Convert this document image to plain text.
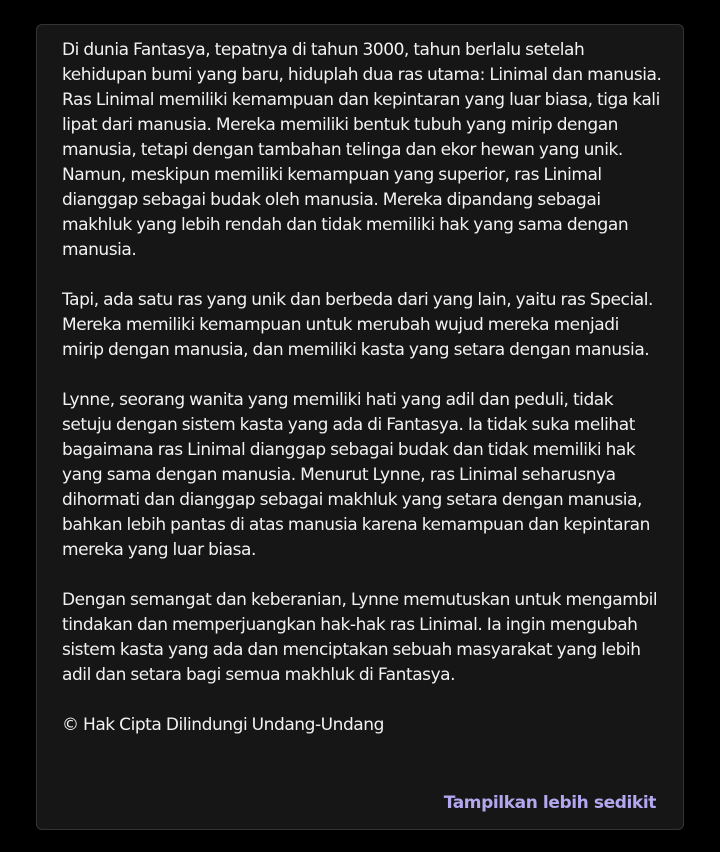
Di dunia Fantasya, tepatnya di tahun 3000, tahun berlalu setelah kehidupan bumi yang baru, hiduplah dua ras utama: Linimal dan manusia. Ras Linimal memiliki kemampuan dan kepintaran yang luar biasa, tiga kali lipat dari manusia. Mereka memiliki bentuk tubuh yang mirip dengan manusia, tetapi dengan tambahan telinga dan ekor hewan yang unik. Namun, meskipun memiliki kemampuan yang superior, ras Linimal dianggap sebagai budak oleh manusia. Mereka dipandang sebagai makhluk yang lebih rendah dan tidak memiliki hak yang sama dengan manusia.

Tapi, ada satu ras yang unik dan berbeda dari yang lain, yaitu ras Special. Mereka memiliki kemampuan untuk merubah wujud mereka menjadi mirip dengan manusia, dan memiliki kasta yang setara dengan manusia.

Lynne, seorang wanita yang memiliki hati yang adil dan peduli, tidak setuju dengan sistem kasta yang ada di Fantasya. Ia tidak suka melihat bagaimana ras Linimal dianggap sebagai budak dan tidak memiliki hak yang sama dengan manusia. Menurut Lynne, ras Linimal seharusnya dihormati dan dianggap sebagai makhluk yang setara dengan manusia, bahkan lebih pantas di atas manusia karena kemampuan dan kepintaran mereka yang luar biasa.

Dengan semangat dan keberanian, Lynne memutuskan untuk mengambil tindakan dan memperjuangkan hak-hak ras Linimal. Ia ingin mengubah sistem kasta yang ada dan menciptakan sebuah masyarakat yang lebih adil dan setara bagi semua makhluk di Fantasya.

© Hak Cipta Dilindungi Undang-Undang

Tampilkan lebih sedikit
